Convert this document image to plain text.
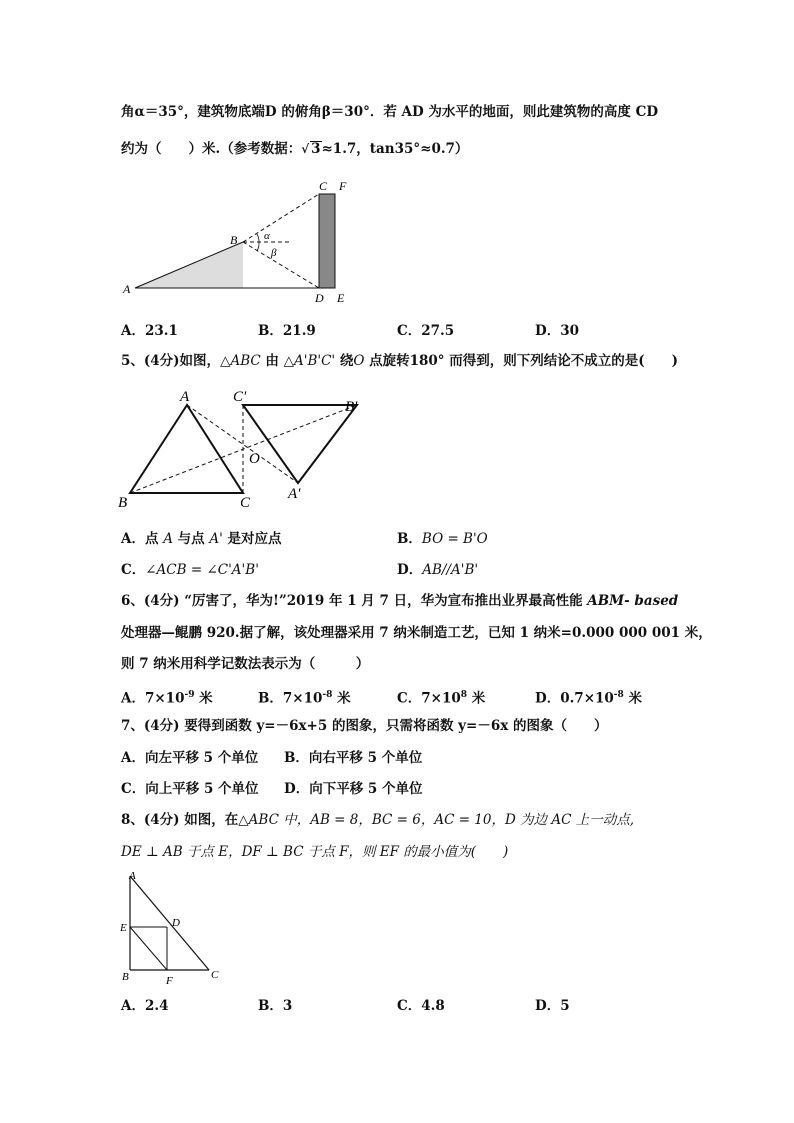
角α＝35°，建筑物底端D 的俯角β＝30°．若 AD 为水平的地面，则此建筑物的高度 CD
约为（　　）米.（参考数据：√ 3≈1.7，tan35°≈0.7）
C F
B α
β
A
D E
A．23.1	B．21.9	C．27.5	D．30
5、(4分)如图，△ABC 由 △A'B'C' 绕O 点旋转180° 而得到，则下列结论不成立的是(　　)
A
B	C
C'
B'
A'
O
A．点 A 与点 A' 是对应点	B．BO = B'O
C．∠ACB = ∠C'A'B'	D．AB//A'B'
6、(4分) “厉害了，华为!”2019 年 1 月 7 日，华为宣布推出业界最高性能 ABM- based
处理器—鲲鹏 920.据了解，该处理器采用 7 纳米制造工艺，已知 1 纳米=0.000 000 001 米，
则 7 纳米用科学记数法表示为（　　　）
A．$7\times 10^{-9}$ 米	B．$7\times 10^{-8}$ 米	C．$7\times 10^8$ 米	D．$0.7\times 10^{-8}$ 米
7、(4分) 要得到函数 y=－6x+5 的图象，只需将函数 y=－6x 的图象（　　）
A．向左平移 5 个单位 B．向右平移 5 个单位
C．向上平移 5 个单位 D．向下平移 5 个单位
8、(4分) 如图，在△ABC 中，AB = 8，BC = 6，AC = 10，D 为边 AC 上一动点,
DE ⊥ AB 于点 E，DF ⊥ BC 于点 F，则 EF 的最小值为(　　)
A
E	D
B	F	C
A．2.4	B．3	C．4.8	D．5
